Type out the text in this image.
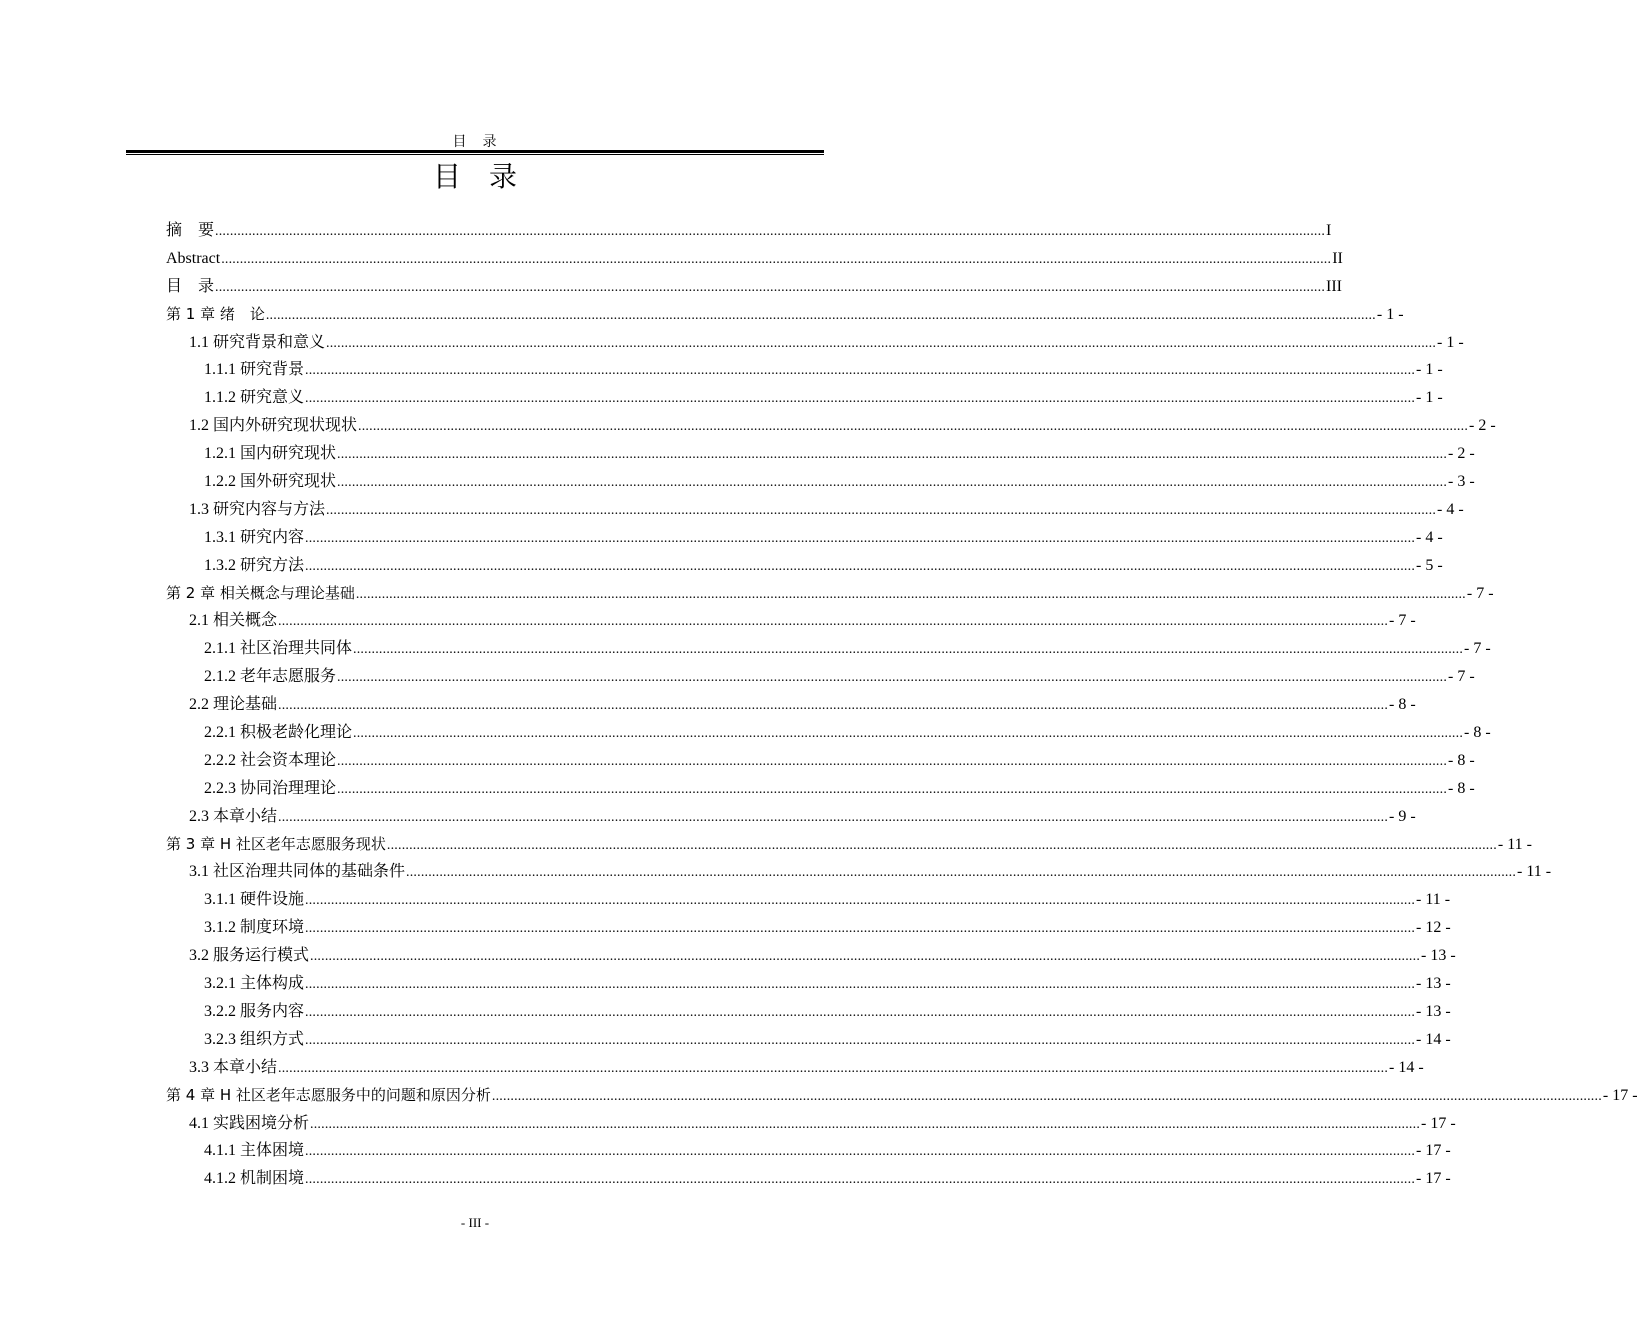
目　录
目　录
摘　要 ............................................................................................................................................................................................................................................................................................................ I
Abstract ............................................................................................................................................................................................................................................................................................................ II
目　录 ............................................................................................................................................................................................................................................................................................................ III
第 1 章 绪　论 ............................................................................................................................................................................................................................................................................................................ - 1 -
1.1 研究背景和意义 ............................................................................................................................................................................................................................................................................................................ - 1 -
1.1.1 研究背景 ............................................................................................................................................................................................................................................................................................................ - 1 -
1.1.2 研究意义 ............................................................................................................................................................................................................................................................................................................ - 1 -
1.2 国内外研究现状现状 ............................................................................................................................................................................................................................................................................................................ - 2 -
1.2.1 国内研究现状 ............................................................................................................................................................................................................................................................................................................ - 2 -
1.2.2 国外研究现状 ............................................................................................................................................................................................................................................................................................................ - 3 -
1.3 研究内容与方法 ............................................................................................................................................................................................................................................................................................................ - 4 -
1.3.1 研究内容 ............................................................................................................................................................................................................................................................................................................ - 4 -
1.3.2 研究方法 ............................................................................................................................................................................................................................................................................................................ - 5 -
第 2 章 相关概念与理论基础 ............................................................................................................................................................................................................................................................................................................ - 7 -
2.1 相关概念 ............................................................................................................................................................................................................................................................................................................ - 7 -
2.1.1 社区治理共同体 ............................................................................................................................................................................................................................................................................................................ - 7 -
2.1.2 老年志愿服务 ............................................................................................................................................................................................................................................................................................................ - 7 -
2.2 理论基础 ............................................................................................................................................................................................................................................................................................................ - 8 -
2.2.1 积极老龄化理论 ............................................................................................................................................................................................................................................................................................................ - 8 -
2.2.2 社会资本理论 ............................................................................................................................................................................................................................................................................................................ - 8 -
2.2.3 协同治理理论 ............................................................................................................................................................................................................................................................................................................ - 8 -
2.3 本章小结 ............................................................................................................................................................................................................................................................................................................ - 9 -
第 3 章 H 社区老年志愿服务现状 ............................................................................................................................................................................................................................................................................................................ - 11 -
3.1 社区治理共同体的基础条件 ............................................................................................................................................................................................................................................................................................................ - 11 -
3.1.1 硬件设施 ............................................................................................................................................................................................................................................................................................................ - 11 -
3.1.2 制度环境 ............................................................................................................................................................................................................................................................................................................ - 12 -
3.2 服务运行模式 ............................................................................................................................................................................................................................................................................................................ - 13 -
3.2.1 主体构成 ............................................................................................................................................................................................................................................................................................................ - 13 -
3.2.2 服务内容 ............................................................................................................................................................................................................................................................................................................ - 13 -
3.2.3 组织方式 ............................................................................................................................................................................................................................................................................................................ - 14 -
3.3 本章小结 ............................................................................................................................................................................................................................................................................................................ - 14 -
第 4 章 H 社区老年志愿服务中的问题和原因分析 ............................................................................................................................................................................................................................................................................................................ - 17 -
4.1 实践困境分析 ............................................................................................................................................................................................................................................................................................................ - 17 -
4.1.1 主体困境 ............................................................................................................................................................................................................................................................................................................ - 17 -
4.1.2 机制困境 ............................................................................................................................................................................................................................................................................................................ - 17 -
- III -
